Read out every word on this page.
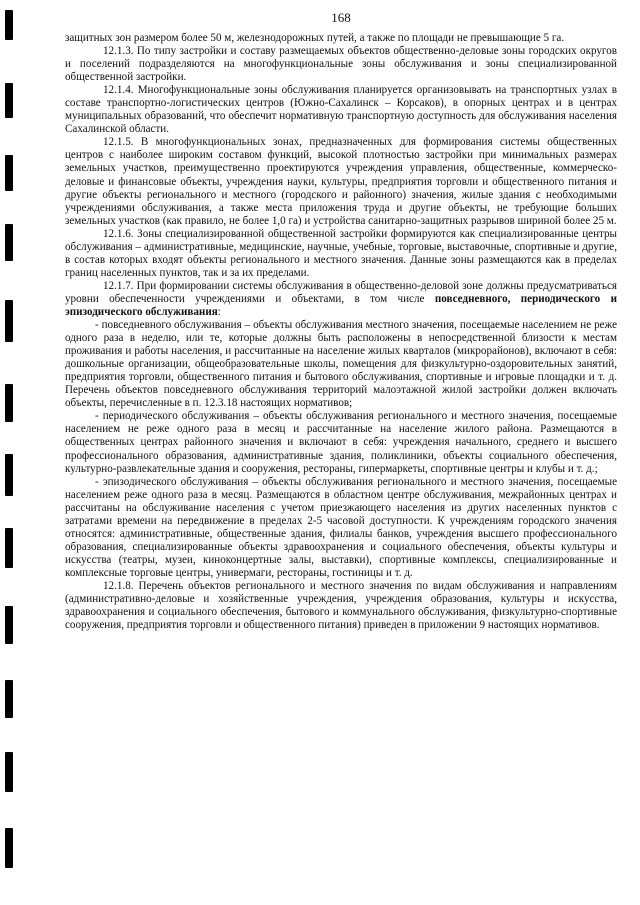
168

защитных зон размером более 50 м, железнодорожных путей, а также по площади не превышающие 5 га.

12.1.3. По типу застройки и составу размещаемых объектов общественно-деловые зоны городских округов и поселений подразделяются на многофункциональные зоны обслуживания и зоны специализированной общественной застройки.

12.1.4. Многофункциональные зоны обслуживания планируется организовывать на транспортных узлах в составе транспортно-логистических центров (Южно-Сахалинск – Корсаков), в опорных центрах и в центрах муниципальных образований, что обеспечит нормативную транспортную доступность для обслуживания населения Сахалинской области.

12.1.5. В многофункциональных зонах, предназначенных для формирования системы общественных центров с наиболее широким составом функций, высокой плотностью застройки при минимальных размерах земельных участков, преимущественно проектируются учреждения управления, общественные, коммерческо-деловые и финансовые объекты, учреждения науки, культуры, предприятия торговли и общественного питания и другие объекты регионального и местного (городского и районного) значения, жилые здания с необходимыми учреждениями обслуживания, а также места приложения труда и другие объекты, не требующие больших земельных участков (как правило, не более 1,0 га) и устройства санитарно-защитных разрывов шириной более 25 м.

12.1.6. Зоны специализированной общественной застройки формируются как специализированные центры обслуживания – административные, медицинские, научные, учебные, торговые, выставочные, спортивные и другие, в состав которых входят объекты регионального и местного значения. Данные зоны размещаются как в пределах границ населенных пунктов, так и за их пределами.

12.1.7. При формировании системы обслуживания в общественно-деловой зоне должны предусматриваться уровни обеспеченности учреждениями и объектами, в том числе повседневного, периодического и эпизодического обслуживания:

- повседневного обслуживания – объекты обслуживания местного значения, посещаемые населением не реже одного раза в неделю, или те, которые должны быть расположены в непосредственной близости к местам проживания и работы населения, и рассчитанные на население жилых кварталов (микрорайонов), включают в себя: дошкольные организации, общеобразовательные школы, помещения для физкультурно-оздоровительных занятий, предприятия торговли, общественного питания и бытового обслуживания, спортивные и игровые площадки и т. д. Перечень объектов повседневного обслуживания территорий малоэтажной жилой застройки должен включать объекты, перечисленные в п. 12.3.18 настоящих нормативов;

- периодического обслуживания – объекты обслуживания регионального и местного значения, посещаемые населением не реже одного раза в месяц и рассчитанные на население жилого района. Размещаются в общественных центрах районного значения и включают в себя: учреждения начального, среднего и высшего профессионального образования, административные здания, поликлиники, объекты социального обеспечения, культурно-развлекательные здания и сооружения, рестораны, гипермаркеты, спортивные центры и клубы и т. д.;

- эпизодического обслуживания – объекты обслуживания регионального и местного значения, посещаемые населением реже одного раза в месяц. Размещаются в областном центре обслуживания, межрайонных центрах и рассчитаны на обслуживание населения с учетом приезжающего населения из других населенных пунктов с затратами времени на передвижение в пределах 2-5 часовой доступности. К учреждениям городского значения относятся: административные, общественные здания, филиалы банков, учреждения высшего профессионального образования, специализированные объекты здравоохранения и социального обеспечения, объекты культуры и искусства (театры, музеи, киноконцертные залы, выставки), спортивные комплексы, специализированные и комплексные торговые центры, универмаги, рестораны, гостиницы и т. д.

12.1.8. Перечень объектов регионального и местного значения по видам обслуживания и направлениям (административно-деловые и хозяйственные учреждения, учреждения образования, культуры и искусства, здравоохранения и социального обеспечения, бытового и коммунального обслуживания, физкультурно-спортивные сооружения, предприятия торговли и общественного питания) приведен в приложении 9 настоящих нормативов.
